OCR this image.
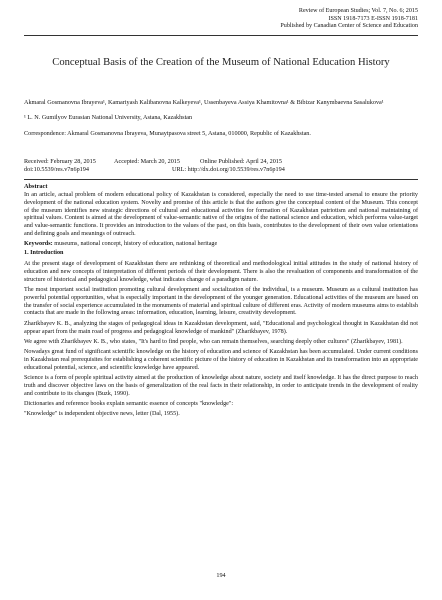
Review of European Studies; Vol. 7, No. 6; 2015
ISSN 1918-7173 E-ISSN 1918-7181
Published by Canadian Center of Science and Education
Conceptual Basis of the Creation of the Museum of National Education History
Akmaral Gosmanovna Ibrayeva¹, Kamariyash Kalibanovna Kalkeyeva¹, Ussenbayeva Assiya Khamitovna¹ & Bibizar Kanymbaevna Sasalukova¹
¹ L. N. Gumilyov Eurasian National University, Astana, Kazakhstan
Correspondence: Akmaral Gosmanovna Ibrayeva, Munaytpasova street 5, Astana, 010000, Republic of Kazakhstan.
Received: February 28, 2015	Accepted: March 20, 2015	Online Published: April 24, 2015
doi:10.5539/res.v7n6p194	URL: http://dx.doi.org/10.5539/res.v7n6p194
Abstract

In an article, actual problem of modern educational policy of Kazakhstan is considered, especially the need to use time-tested arsenal to ensure the priority development of the national education system. Novelty and promise of this article is that the authors give the conceptual content of the Museum. This concept of the museum identifies new strategic directions of cultural and educational activities for formation of Kazakhstan patriotism and national maintaining of spiritual values. Content is aimed at the development of value-semantic native of the origins of the national science and education, which performs value-target and value-semantic functions. It provides an introduction to the values of the past, on this basis, contributes to the development of their own value orientations and defining goals and meanings of outreach.

Keywords: museums, national concept, history of education, national heritage
1. Introduction

At the present stage of development of Kazakhstan there are rethinking of theoretical and methodological initial attitudes in the study of national history of education and new concepts of interpretation of different periods of their development. There is also the revaluation of components and transformation of the structure of historical and pedagogical knowledge, what indicates change of a paradigm nature.

The most important social institution promoting cultural development and socialization of the individual, is a museum. Museum as a cultural institution has powerful potential opportunities, what is especially important in the development of the younger generation. Educational activities of the museum are based on the transfer of social experience accumulated in the monuments of material and spiritual culture of different eras. Activity of modern museums aims to establish contacts that are made in the following areas: information, education, learning, leisure, creativity development.

Zharikbayev K. B., analyzing the stages of pedagogical ideas in Kazakhstan development, said, "Educational and psychological thought in Kazakhstan did not appear apart from the main road of progress and pedagogical knowledge of mankind" (Zharikbayev, 1978).

We agree with Zharikbayev K. B., who states, "It's hard to find people, who can remain themselves, searching deeply other cultures" (Zharikbayev, 1981).

Nowadays great fund of significant scientific knowledge on the history of education and science of Kazakhstan has been accumulated. Under current conditions in Kazakhstan real prerequisites for establishing a coherent scientific picture of the history of education in Kazakhstan and its transformation into an appropriate educational potential, science, and scientific knowledge have appeared.

Science is a form of people spiritual activity aimed at the production of knowledge about nature, society and itself knowledge. It has the direct purpose to reach truth and discover objective laws on the basis of generalization of the real facts in their relationship, in order to anticipate trends in the development of reality and contribute to its changes (Buzk, 1990).

Dictionaries and reference books explain semantic essence of concepts "knowledge":

"Knowledge" is independent objective news, letter (Dal, 1955).

194
